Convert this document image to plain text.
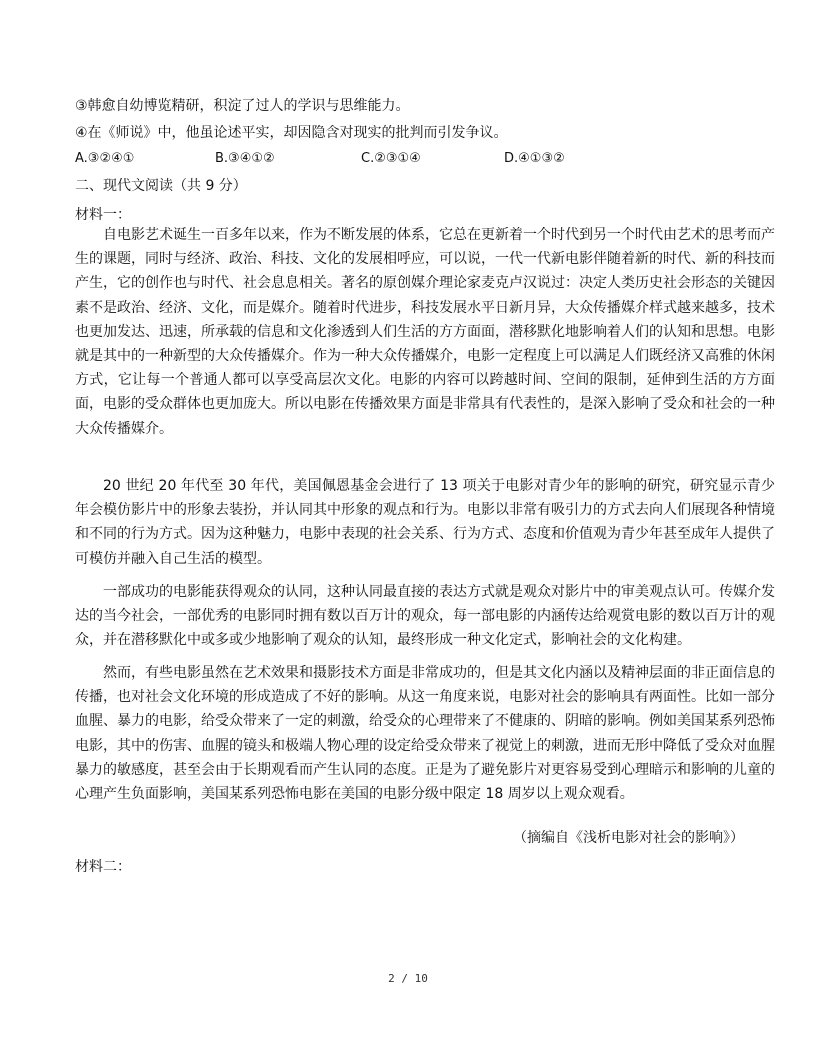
③韩愈自幼博览精研，积淀了过人的学识与思维能力。
④在《师说》中，他虽论述平实，却因隐含对现实的批判而引发争议。
A.③②④①	B.③④①②	C.②③①④	D.④①③②
二、现代文阅读（共 9 分）
材料一：

自电影艺术诞生一百多年以来，作为不断发展的体系，它总在更新着一个时代到另一个时代由艺术的思考而产生的课题，同时与经济、政治、科技、文化的发展相呼应，可以说，一代一代新电影伴随着新的时代、新的科技而产生，它的创作也与时代、社会息息相关。著名的原创媒介理论家麦克卢汉说过：决定人类历史社会形态的关键因素不是政治、经济、文化，而是媒介。随着时代进步，科技发展水平日新月异，大众传播媒介样式越来越多，技术也更加发达、迅速，所承载的信息和文化渗透到人们生活的方方面面，潜移默化地影响着人们的认知和思想。电影就是其中的一种新型的大众传播媒介。作为一种大众传播媒介，电影一定程度上可以满足人们既经济又高雅的休闲方式，它让每一个普通人都可以享受高层次文化。电影的内容可以跨越时间、空间的限制，延伸到生活的方方面面，电影的受众群体也更加庞大。所以电影在传播效果方面是非常具有代表性的，是深入影响了受众和社会的一种大众传播媒介。

20 世纪 20 年代至 30 年代，美国佩恩基金会进行了 13 项关于电影对青少年的影响的研究，研究显示青少年会模仿影片中的形象去装扮，并认同其中形象的观点和行为。电影以非常有吸引力的方式去向人们展现各种情境和不同的行为方式。因为这种魅力，电影中表现的社会关系、行为方式、态度和价值观为青少年甚至成年人提供了可模仿并融入自己生活的模型。

一部成功的电影能获得观众的认同，这种认同最直接的表达方式就是观众对影片中的审美观点认可。传媒介发达的当今社会，一部优秀的电影同时拥有数以百万计的观众，每一部电影的内涵传达给观赏电影的数以百万计的观众，并在潜移默化中或多或少地影响了观众的认知，最终形成一种文化定式，影响社会的文化构建。

然而，有些电影虽然在艺术效果和摄影技术方面是非常成功的，但是其文化内涵以及精神层面的非正面信息的传播，也对社会文化环境的形成造成了不好的影响。从这一角度来说，电影对社会的影响具有两面性。比如一部分血腥、暴力的电影，给受众带来了一定的刺激，给受众的心理带来了不健康的、阴暗的影响。例如美国某系列恐怖电影，其中的伤害、血腥的镜头和极端人物心理的设定给受众带来了视觉上的刺激，进而无形中降低了受众对血腥暴力的敏感度，甚至会由于长期观看而产生认同的态度。正是为了避免影片对更容易受到心理暗示和影响的儿童的心理产生负面影响，美国某系列恐怖电影在美国的电影分级中限定 18 周岁以上观众观看。

（摘编自《浅析电影对社会的影响》）
材料二：
2 / 10
